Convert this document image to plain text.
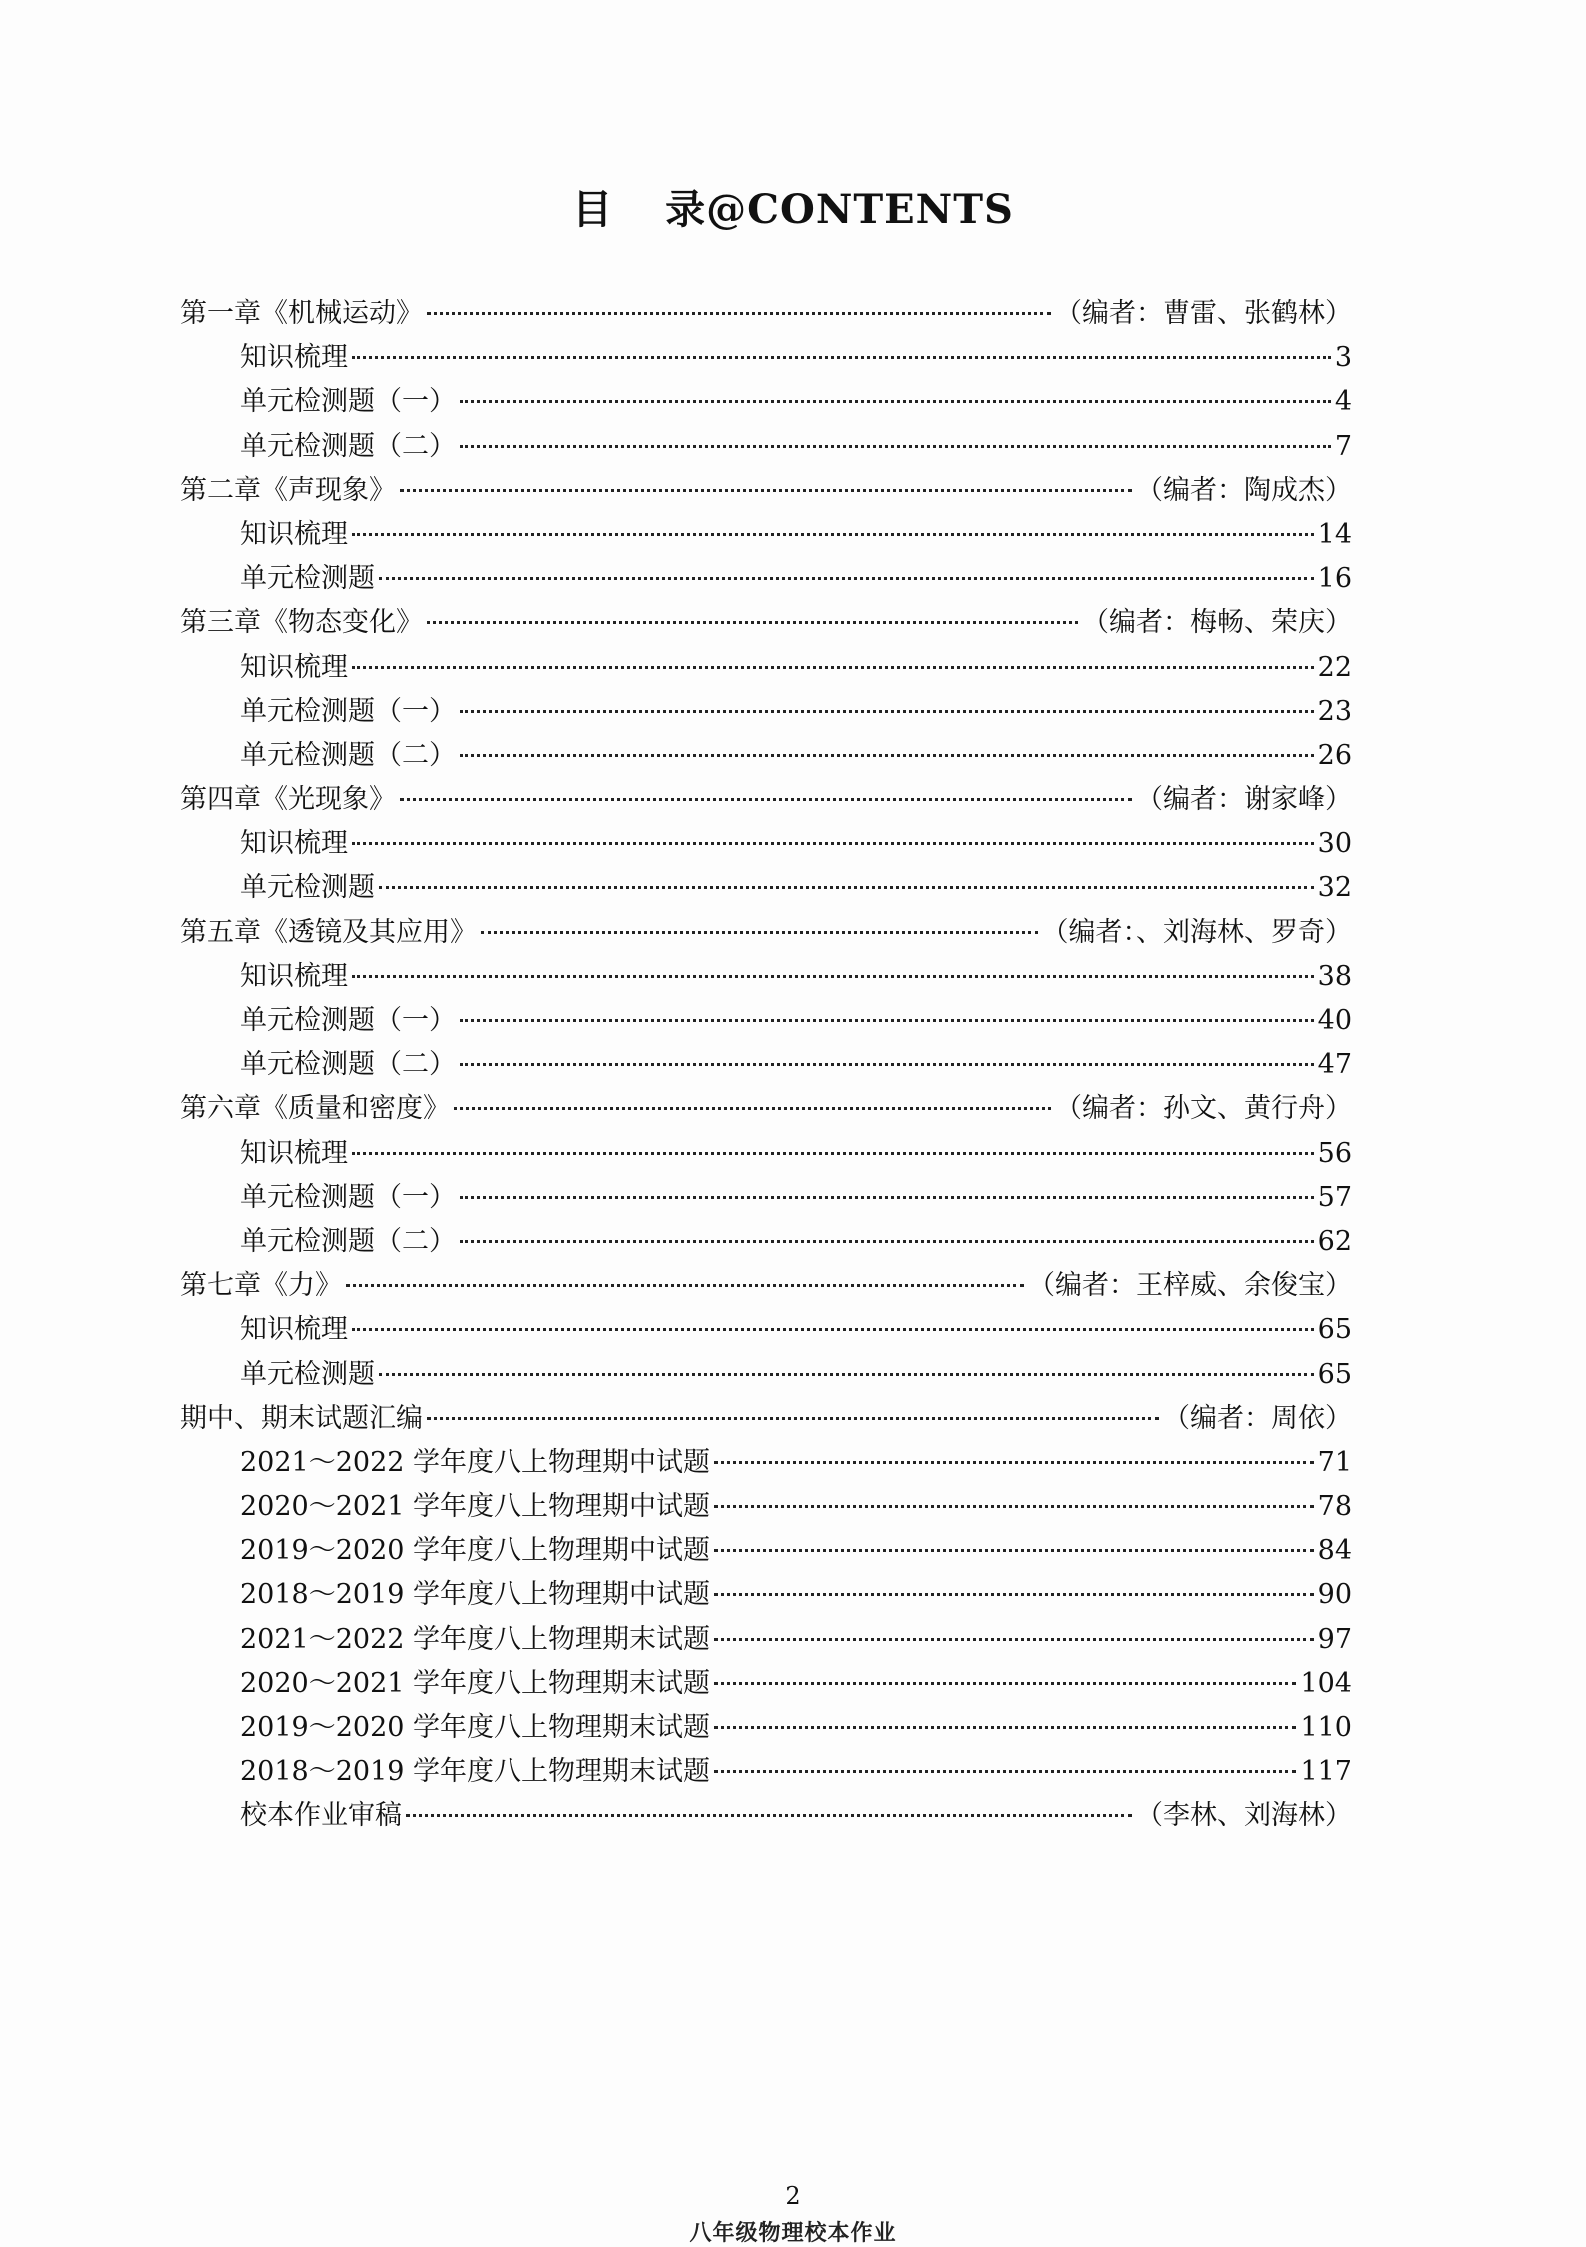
目 录@CONTENTS
第一章《机械运动》	（编者：曹雷、张鹤林）
知识梳理	3
单元检测题（一）	4
单元检测题（二）	7
第二章《声现象》	（编者：陶成杰）
知识梳理	14
单元检测题	16
第三章《物态变化》	（编者：梅畅、荣庆）
知识梳理	22
单元检测题（一）	23
单元检测题（二）	26
第四章《光现象》	（编者：谢家峰）
知识梳理	30
单元检测题	32
第五章《透镜及其应用》	（编者：、刘海林、罗奇）
知识梳理	38
单元检测题（一）	40
单元检测题（二）	47
第六章《质量和密度》	（编者：孙文、黄行舟）
知识梳理	56
单元检测题（一）	57
单元检测题（二）	62
第七章《力》	（编者：王梓威、余俊宝）
知识梳理	65
单元检测题	65
期中、期末试题汇编	（编者：周依）
2021～2022 学年度八上物理期中试题	71
2020～2021 学年度八上物理期中试题	78
2019～2020 学年度八上物理期中试题	84
2018～2019 学年度八上物理期中试题	90
2021～2022 学年度八上物理期末试题	97
2020～2021 学年度八上物理期末试题	104
2019～2020 学年度八上物理期末试题	110
2018～2019 学年度八上物理期末试题	117
校本作业审稿	（李林、刘海林）
2
八年级物理校本作业
